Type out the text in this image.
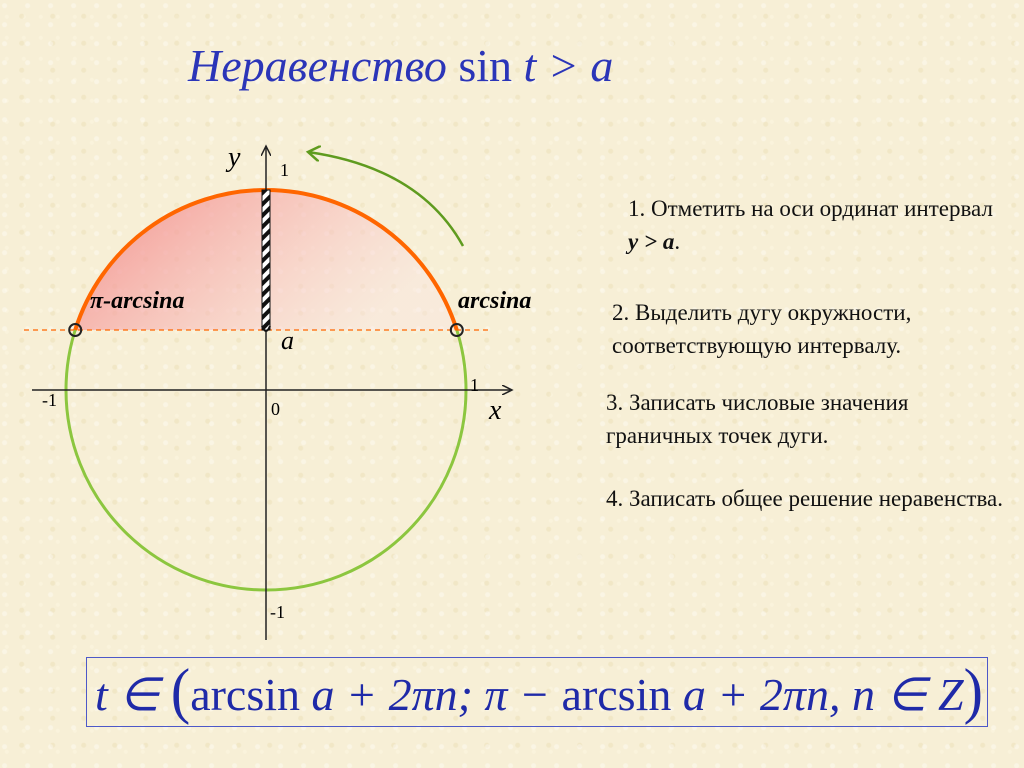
Неравенство sin t > a
y
x
1
-1
-1
1
0
a
π-arcsina	arcsina

1. Отметить на оси ординат интервал y > a.

2. Выделить дугу окружности, соответствующую интервалу.

3. Записать числовые значения граничных точек дуги.

4. Записать общее решение неравенства.

t ∈ (arcsin a + 2πn; π − arcsin a + 2πn, n ∈ Z)
